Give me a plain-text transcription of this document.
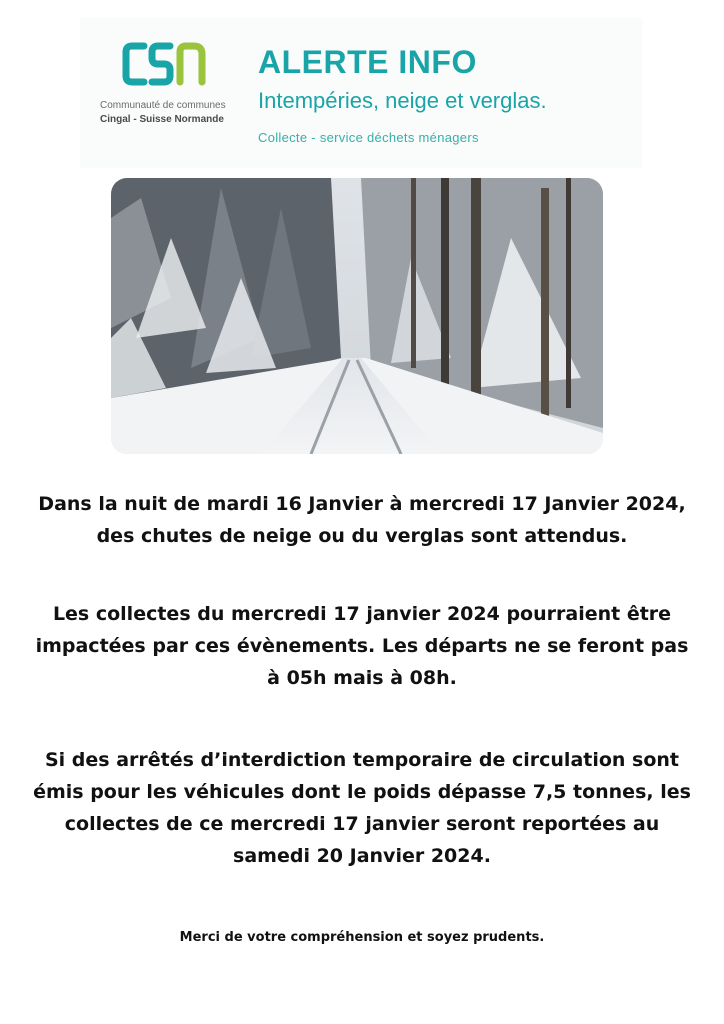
Communauté de communes
Cingal - Suisse Normande
ALERTE INFO
Intempéries, neige et verglas.
Collecte - service déchets ménagers
Dans la nuit de mardi 16 Janvier à mercredi 17 Janvier 2024,
des chutes de neige ou du verglas sont attendus.
Les collectes du mercredi 17 janvier 2024 pourraient être
impactées par ces évènements. Les départs ne se feront pas
à 05h mais à 08h.
Si des arrêtés d’interdiction temporaire de circulation sont
émis pour les véhicules dont le poids dépasse 7,5 tonnes, les
collectes de ce mercredi 17 janvier seront reportées au
samedi 20 Janvier 2024.
Merci de votre compréhension et soyez prudents.
